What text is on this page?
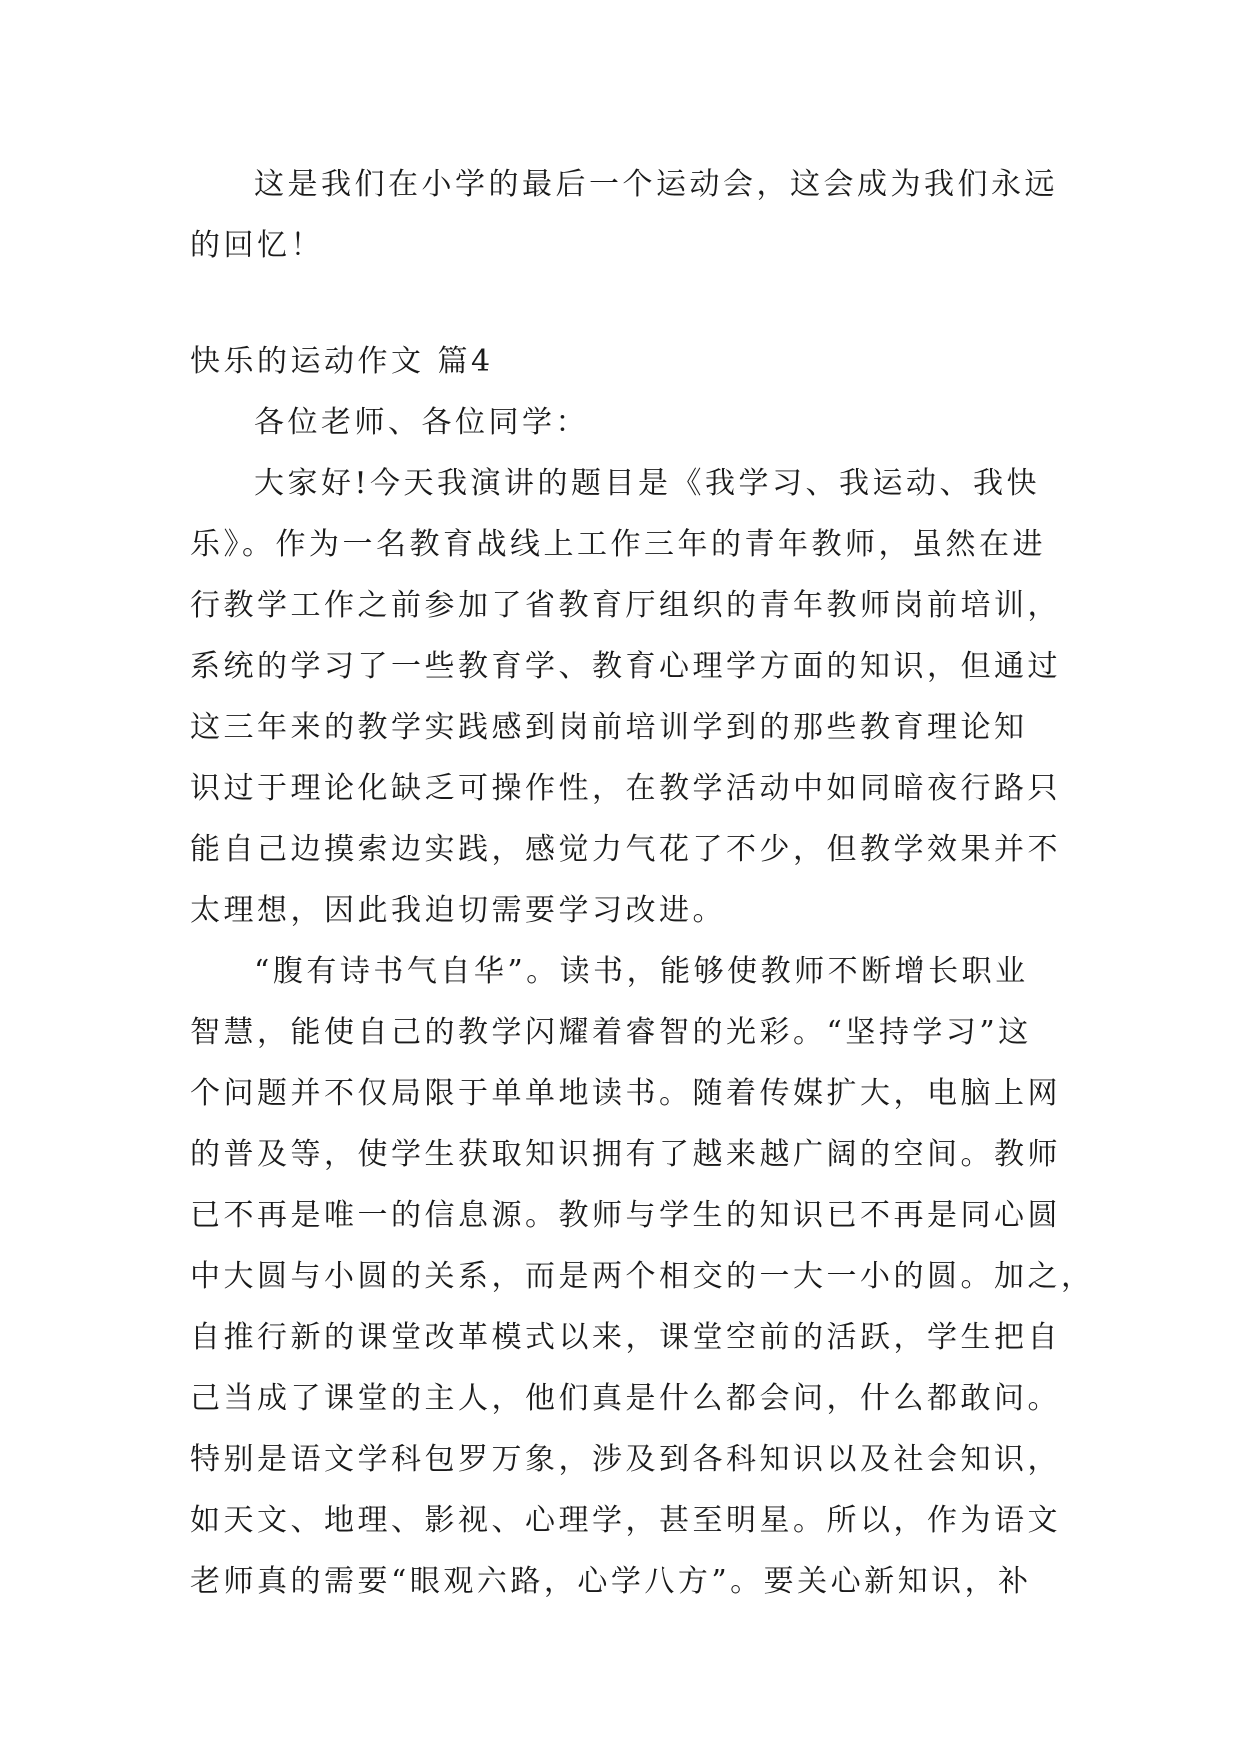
这是我们在小学的最后一个运动会，这会成为我们永远
的回忆！
快乐的运动作文 篇4
各位老师、各位同学：
大家好!今天我演讲的题目是《我学习、我运动、我快
乐》。作为一名教育战线上工作三年的青年教师，虽然在进
行教学工作之前参加了省教育厅组织的青年教师岗前培训，
系统的学习了一些教育学、教育心理学方面的知识，但通过
这三年来的教学实践感到岗前培训学到的那些教育理论知
识过于理论化缺乏可操作性，在教学活动中如同暗夜行路只
能自己边摸索边实践，感觉力气花了不少，但教学效果并不
太理想，因此我迫切需要学习改进。
“腹有诗书气自华”。读书，能够使教师不断增长职业
智慧，能使自己的教学闪耀着睿智的光彩。“坚持学习”这
个问题并不仅局限于单单地读书。随着传媒扩大，电脑上网
的普及等，使学生获取知识拥有了越来越广阔的空间。教师
已不再是唯一的信息源。教师与学生的知识已不再是同心圆
中大圆与小圆的关系，而是两个相交的一大一小的圆。加之，
自推行新的课堂改革模式以来，课堂空前的活跃，学生把自
己当成了课堂的主人，他们真是什么都会问，什么都敢问。
特别是语文学科包罗万象，涉及到各科知识以及社会知识，
如天文、地理、影视、心理学，甚至明星。所以，作为语文
老师真的需要“眼观六路，心学八方”。要关心新知识，补
